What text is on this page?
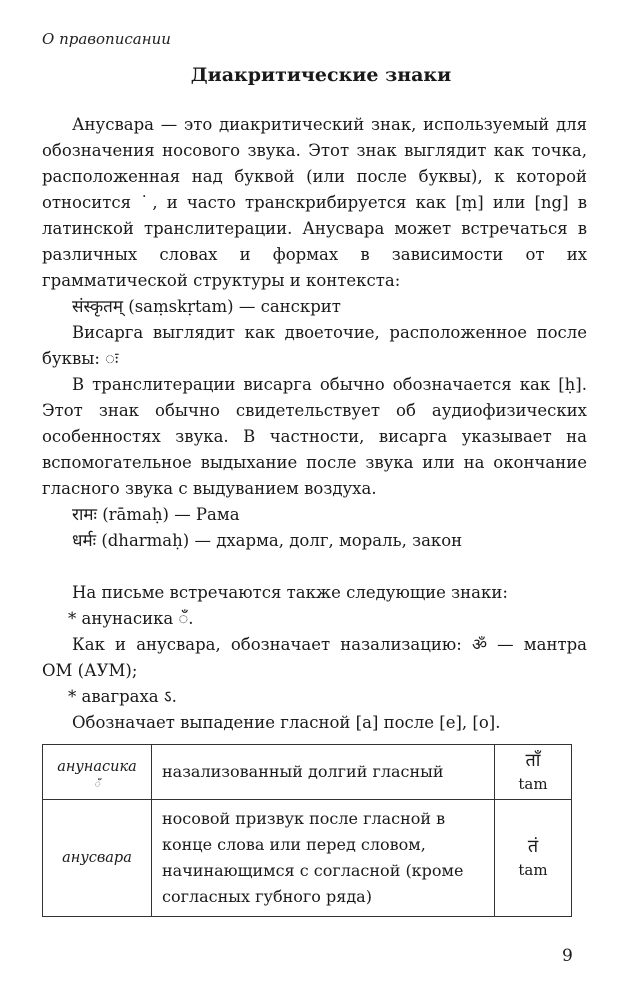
О правописании
Диакритические знаки
Анусвара — это диакритический знак, используемый для обозначения носового звука. Этот знак выглядит как точка, расположенная над буквой (или после буквы), к которой относится ˙, и часто транскрибируется как [ṃ] или [ng] в латинской транслитерации. Анусвара может встречаться в различных словах и формах в зависимости от их грамматической структуры и контекста:
संस्कृतम् (saṃskṛtam) — санскрит
Висарга выглядит как двоеточие, расположенное после буквы: ः
В транслитерации висарга обычно обозначается как [ḥ]. Этот знак обычно свидетельствует об аудиофизических особенностях звука. В частности, висарга указывает на вспомогательное выдыхание после звука или на окончание гласного звука с выдуванием воздуха.
रामः (rāmaḥ) — Рама
धर्मः (dharmaḥ) — дхарма, долг, мораль, закон
На письме встречаются также следующие знаки:
* анунасика ँ.
Как и анусвара, обозначает назализацию: ॐ — мантра ОМ (АУМ);
* аваграха ऽ.
Обозначает выпадение гласной [а] после [е], [о].
анунасика
ँ	назализованный долгий гласный	ताँ
tam

анусвара	носовой призвук после гласной в конце слова или перед словом, начинающимся с согласной (кроме согласных губного ряда)	तं
tam
9
